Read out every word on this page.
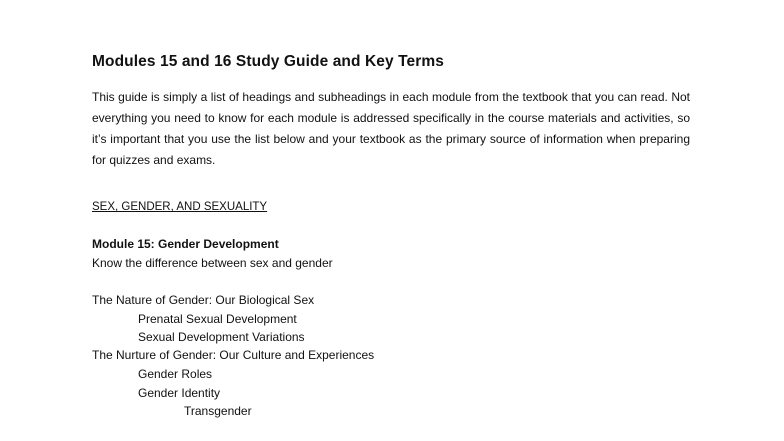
Modules 15 and 16 Study Guide and Key Terms

This guide is simply a list of headings and subheadings in each module from the textbook that you can read. Not everything you need to know for each module is addressed specifically in the course materials and activities, so it’s important that you use the list below and your textbook as the primary source of information when preparing for quizzes and exams.

SEX, GENDER, AND SEXUALITY
Module 15: Gender Development
Know the difference between sex and gender
The Nature of Gender: Our Biological Sex
Prenatal Sexual Development
Sexual Development Variations
The Nurture of Gender: Our Culture and Experiences
Gender Roles
Gender Identity
Transgender
